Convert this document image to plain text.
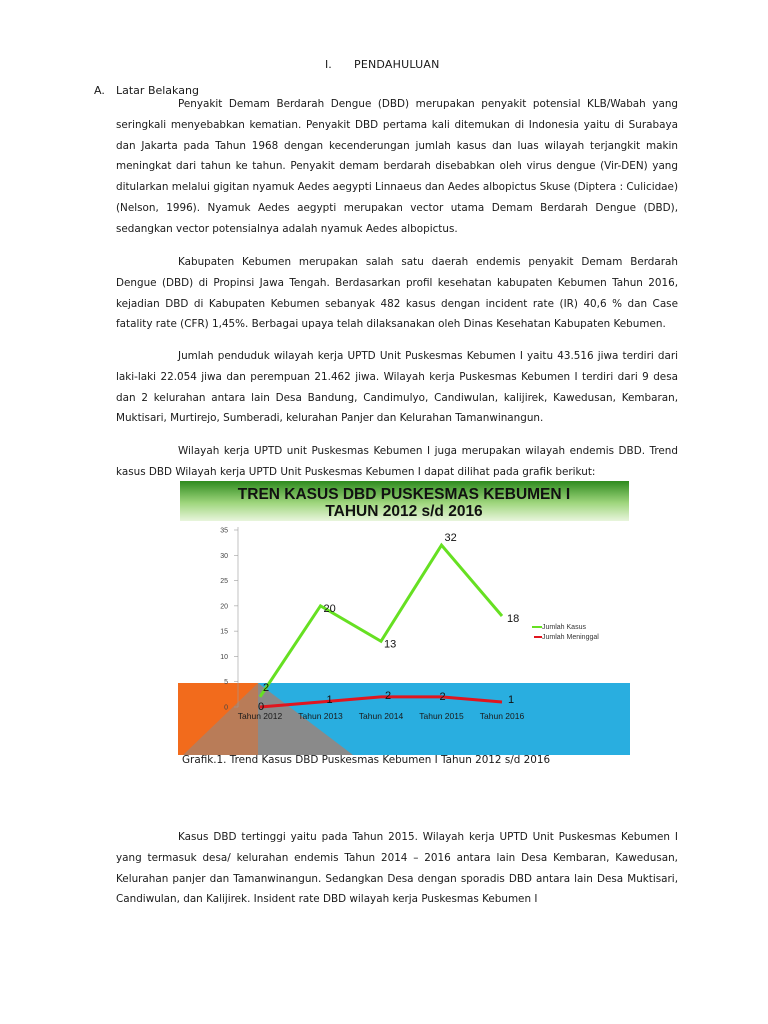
I. PENDAHULUAN
A. Latar Belakang

Penyakit Demam Berdarah Dengue (DBD) merupakan penyakit potensial KLB/Wabah yang seringkali menyebabkan kematian. Penyakit DBD pertama kali ditemukan di Indonesia yaitu di Surabaya dan Jakarta pada Tahun 1968 dengan kecenderungan jumlah kasus dan luas wilayah terjangkit makin meningkat dari tahun ke tahun. Penyakit demam berdarah disebabkan oleh virus dengue (Vir-DEN) yang ditularkan melalui gigitan nyamuk Aedes aegypti Linnaeus dan Aedes albopictus Skuse (Diptera : Culicidae) (Nelson, 1996). Nyamuk Aedes aegypti merupakan vector utama Demam Berdarah Dengue (DBD), sedangkan vector potensialnya adalah nyamuk Aedes albopictus.

Kabupaten Kebumen merupakan salah satu daerah endemis penyakit Demam Berdarah Dengue (DBD) di Propinsi Jawa Tengah. Berdasarkan profil kesehatan kabupaten Kebumen Tahun 2016, kejadian DBD di Kabupaten Kebumen sebanyak 482 kasus dengan incident rate (IR) 40,6 % dan Case fatality rate (CFR) 1,45%. Berbagai upaya telah dilaksanakan oleh Dinas Kesehatan Kabupaten Kebumen.

Jumlah penduduk wilayah kerja UPTD Unit Puskesmas Kebumen I yaitu 43.516 jiwa terdiri dari laki-laki 22.054 jiwa dan perempuan 21.462 jiwa. Wilayah kerja Puskesmas Kebumen I terdiri dari 9 desa dan 2 kelurahan antara lain Desa Bandung, Candimulyo, Candiwulan, kalijirek, Kawedusan, Kembaran, Muktisari, Murtirejo, Sumberadi, kelurahan Panjer dan Kelurahan Tamanwinangun.

Wilayah kerja UPTD unit Puskesmas Kebumen I juga merupakan wilayah endemis DBD. Trend kasus DBD Wilayah kerja UPTD Unit Puskesmas Kebumen I dapat dilihat pada grafik berikut:

TREN KASUS DBD PUSKESMAS KEBUMEN I
TAHUN 2012 s/d 2016
0
5
10
15
20
25
30
35
Tahun 2012 Tahun 2013 Tahun 2014 Tahun 2015 Tahun 2016
2
20
13
32
18
0
1	2	2	1
Jumlah Kasus
Jumlah Meninggal
Grafik.1. Trend Kasus DBD Puskesmas Kebumen I Tahun 2012 s/d 2016

Kasus DBD tertinggi yaitu pada Tahun 2015. Wilayah kerja UPTD Unit Puskesmas Kebumen I yang termasuk desa/ kelurahan endemis Tahun 2014 – 2016 antara lain Desa Kembaran, Kawedusan, Kelurahan panjer dan Tamanwinangun. Sedangkan Desa dengan sporadis DBD antara lain Desa Muktisari, Candiwulan, dan Kalijirek. Insident rate DBD wilayah kerja Puskesmas Kebumen I
